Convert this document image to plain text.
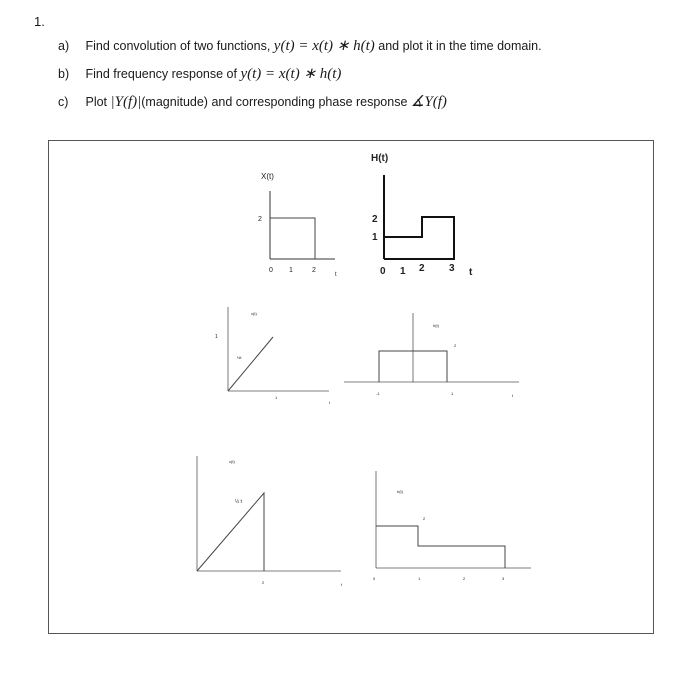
1.
a) Find convolution of two functions, y(t) = x(t) ∗ h(t) and plot it in the time domain.
b) Find frequency response of y(t) = x(t) ∗ h(t)
c) Plot |Y(f)|(magnitude) and corresponding phase response ∡Y(f)
X(t)
2
0 1	2
t
H(t)
2
1
0 1 2 3 t
x(t)
1
½t
1
t
h(t)
2
-1	1	t
x(t)
½ t
2	t
h(t)
2
0	1	2	3
